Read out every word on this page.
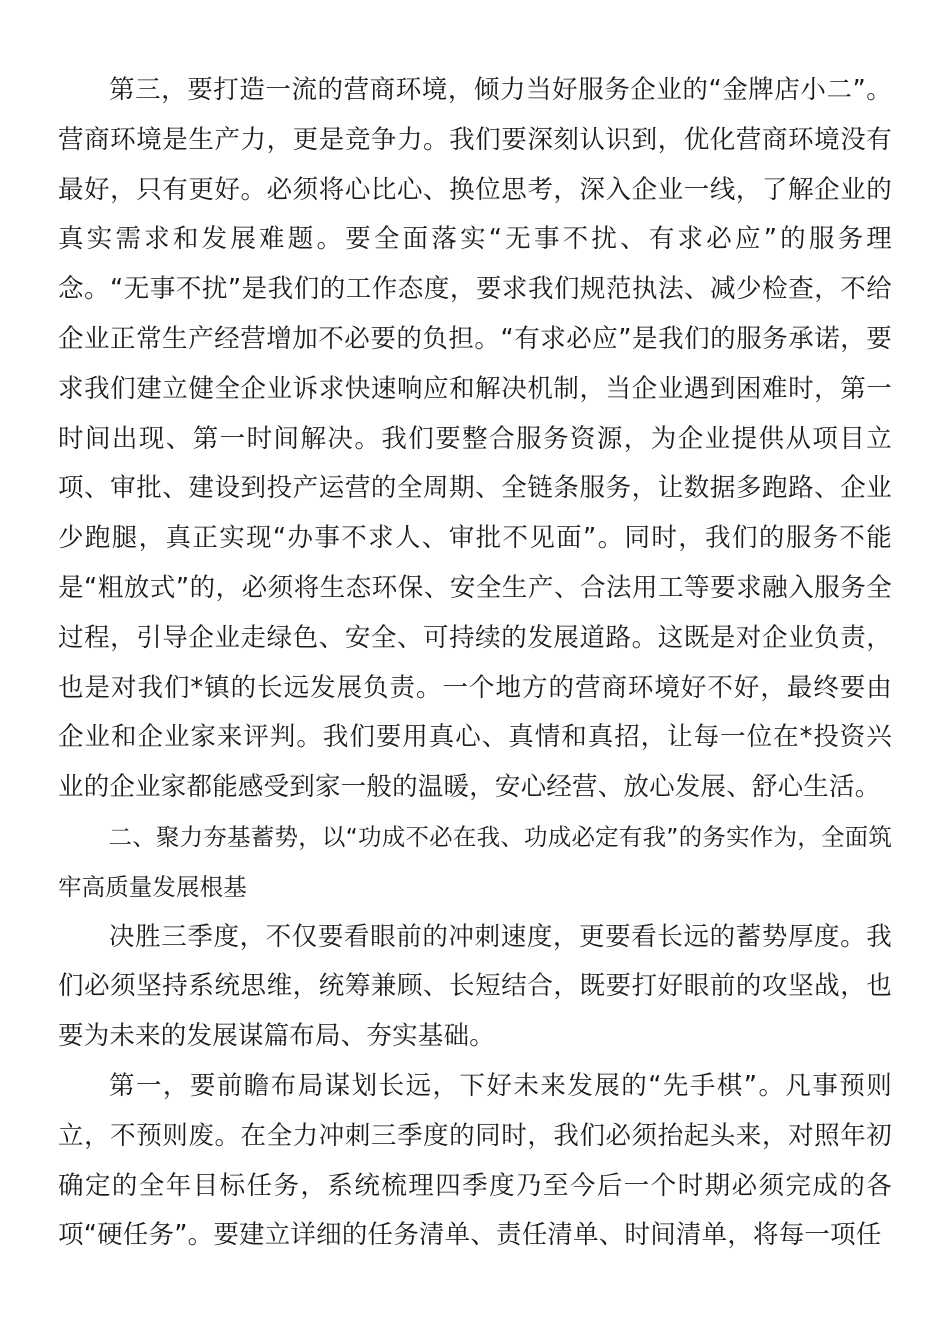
第三，要打造一流的营商环境，倾力当好服务企业的“金牌店小二”。营商环境是生产力，更是竞争力。我们要深刻认识到，优化营商环境没有最好，只有更好。必须将心比心、换位思考，深入企业一线，了解企业的真实需求和发展难题。要全面落实“无事不扰、有求必应”的服务理念。“无事不扰”是我们的工作态度，要求我们规范执法、减少检查，不给企业正常生产经营增加不必要的负担。“有求必应”是我们的服务承诺，要求我们建立健全企业诉求快速响应和解决机制，当企业遇到困难时，第一时间出现、第一时间解决。我们要整合服务资源，为企业提供从项目立项、审批、建设到投产运营的全周期、全链条服务，让数据多跑路、企业少跑腿，真正实现“办事不求人、审批不见面”。同时，我们的服务不能是“粗放式”的，必须将生态环保、安全生产、合法用工等要求融入服务全过程，引导企业走绿色、安全、可持续的发展道路。这既是对企业负责，也是对我们*镇的长远发展负责。一个地方的营商环境好不好，最终要由企业和企业家来评判。我们要用真心、真情和真招，让每一位在*投资兴业的企业家都能感受到家一般的温暖，安心经营、放心发展、舒心生活。

二、聚力夯基蓄势，以“功成不必在我、功成必定有我”的务实作为，全面筑牢高质量发展根基

决胜三季度，不仅要看眼前的冲刺速度，更要看长远的蓄势厚度。我们必须坚持系统思维，统筹兼顾、长短结合，既要打好眼前的攻坚战，也要为未来的发展谋篇布局、夯实基础。

第一，要前瞻布局谋划长远，下好未来发展的“先手棋”。凡事预则立，不预则废。在全力冲刺三季度的同时，我们必须抬起头来，对照年初确定的全年目标任务，系统梳理四季度乃至今后一个时期必须完成的各项“硬任务”。要建立详细的任务清单、责任清单、时间清单，将每一项任
